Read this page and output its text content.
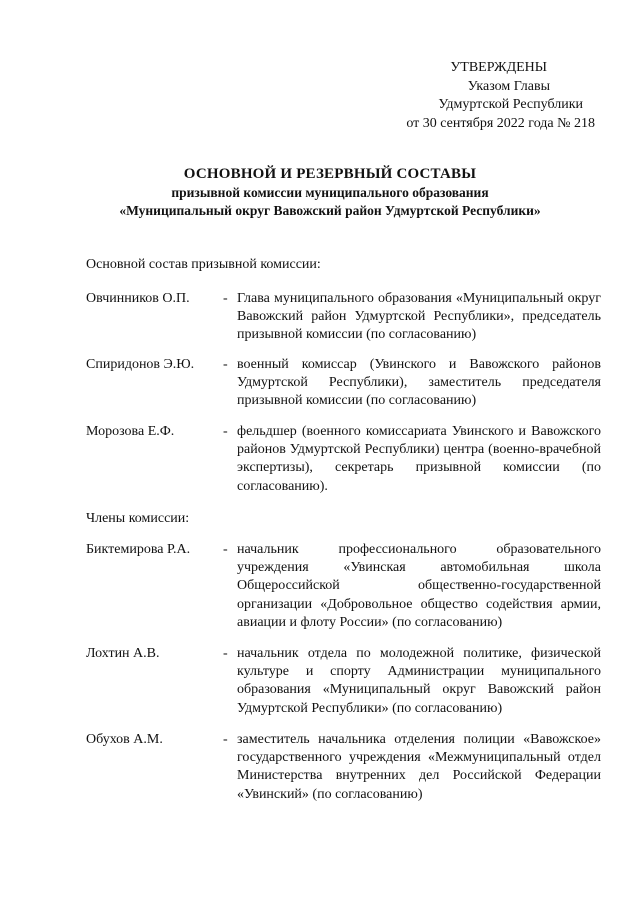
УТВЕРЖДЕНЫ
Указом Главы
Удмуртской Республики
от 30 сентября 2022 года № 218
ОСНОВНОЙ И РЕЗЕРВНЫЙ СОСТАВЫ
призывной комиссии муниципального образования
«Муниципальный округ Вавожский район Удмуртской Республики»
Основной состав призывной комиссии:
Овчинников О.П.	- Глава муниципального образования «Муниципальный округ Вавожский район Удмуртской Республики», председатель призывной комиссии (по согласованию)
Спиридонов Э.Ю.	- военный комиссар (Увинского и Вавожского районов Удмуртской Республики), заместитель председателя призывной комиссии (по согласованию)
Морозова Е.Ф.	- фельдшер (военного комиссариата Увинского и Вавожского районов Удмуртской Республики) центра (военно-врачебной экспертизы), секретарь призывной комиссии (по согласованию).
Члены комиссии:
Биктемирова Р.А.	- начальник профессионального образовательного учреждения «Увинская автомобильная школа Общероссийской общественно-государственной организации «Добровольное общество содействия армии, авиации и флоту России» (по согласованию)
Лохтин А.В.	- начальник отдела по молодежной политике, физической культуре и спорту Администрации муниципального образования «Муниципальный округ Вавожский район Удмуртской Республики» (по согласованию)
Обухов А.М.	- заместитель начальника отделения полиции «Вавожское» государственного учреждения «Межмуниципальный отдел Министерства внутренних дел Российской Федерации «Увинский» (по согласованию)
